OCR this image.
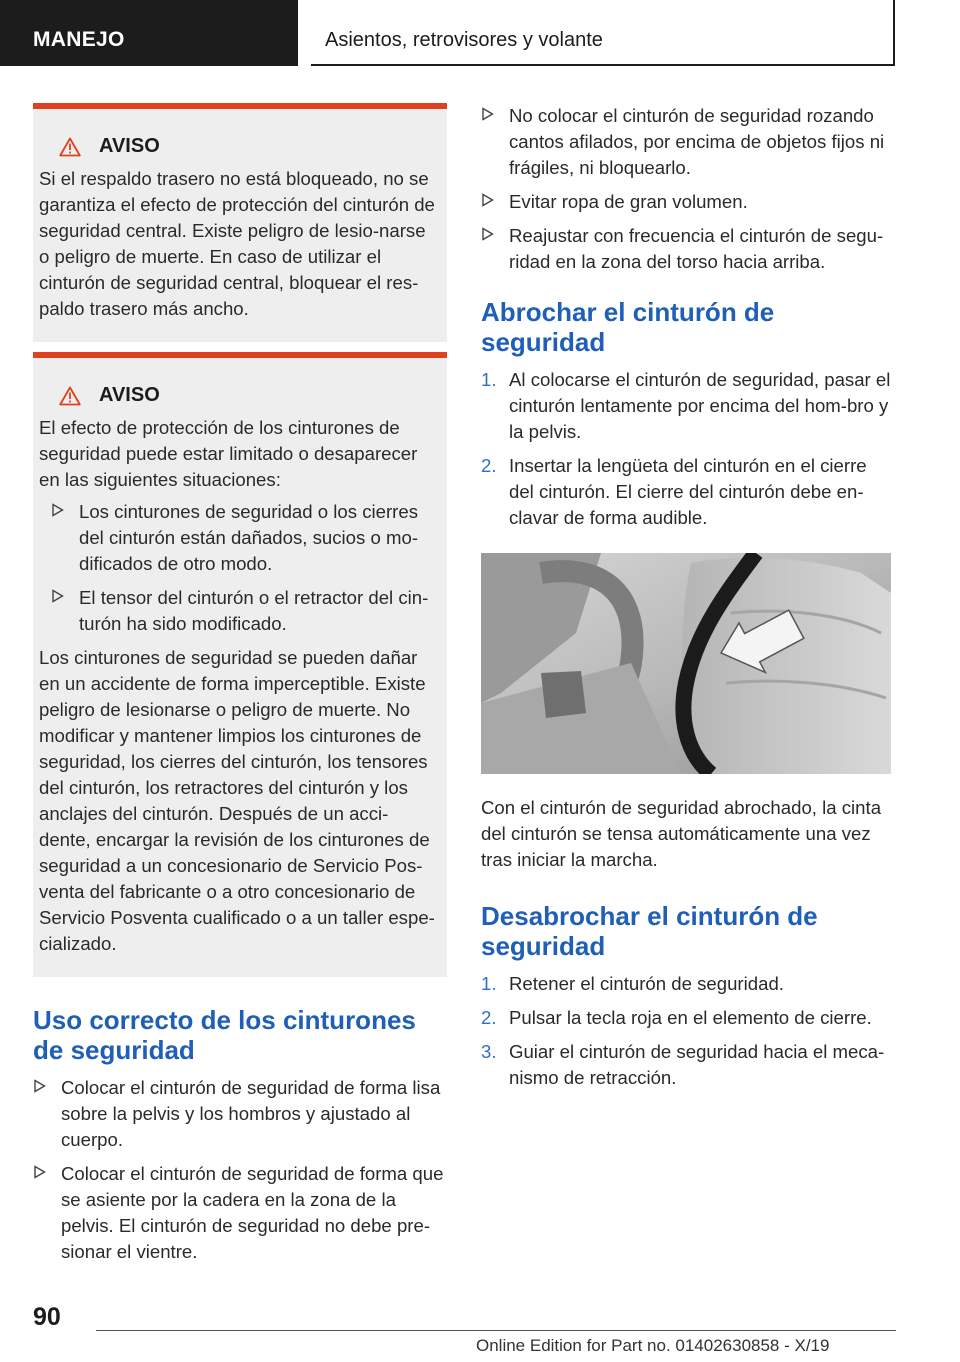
MANEJO	Asientos, retrovisores y volante
AVISO
Si el respaldo trasero no está bloqueado, no se garantiza el efecto de protección del cinturón de seguridad central. Existe peligro de lesio‐narse o peligro de muerte. En caso de utilizar el cinturón de seguridad central, bloquear el res‐paldo trasero más ancho.
AVISO
El efecto de protección de los cinturones de seguridad puede estar limitado o desaparecer en las siguientes situaciones:
Los cinturones de seguridad o los cierres del cinturón están dañados, sucios o mo‐dificados de otro modo.
El tensor del cinturón o el retractor del cin‐turón ha sido modificado.
Los cinturones de seguridad se pueden dañar en un accidente de forma imperceptible. Existe peligro de lesionarse o peligro de muerte. No modificar y mantener limpios los cinturones de seguridad, los cierres del cinturón, los tensores del cinturón, los retractores del cinturón y los anclajes del cinturón. Después de un acci‐dente, encargar la revisión de los cinturones de seguridad a un concesionario de Servicio Pos‐venta del fabricante o a otro concesionario de Servicio Posventa cualificado o a un taller espe‐cializado.
Uso correcto de los cinturones de seguridad
Colocar el cinturón de seguridad de forma lisa sobre la pelvis y los hombros y ajustado al cuerpo.
Colocar el cinturón de seguridad de forma que se asiente por la cadera en la zona de la pelvis. El cinturón de seguridad no debe pre‐sionar el vientre.
No colocar el cinturón de seguridad rozando cantos afilados, por encima de objetos fijos ni frágiles, ni bloquearlo.
Evitar ropa de gran volumen.
Reajustar con frecuencia el cinturón de segu‐ridad en la zona del torso hacia arriba.
Abrochar el cinturón de seguridad
1. Al colocarse el cinturón de seguridad, pasar el cinturón lentamente por encima del hom‐bro y la pelvis.
2. Insertar la lengüeta del cinturón en el cierre del cinturón. El cierre del cinturón debe en‐clavar de forma audible.
Con el cinturón de seguridad abrochado, la cinta del cinturón se tensa automáticamente una vez tras iniciar la marcha.
Desabrochar el cinturón de seguridad
1. Retener el cinturón de seguridad.
2. Pulsar la tecla roja en el elemento de cierre.
3. Guiar el cinturón de seguridad hacia el meca‐nismo de retracción.
90
Online Edition for Part no. 01402630858 - X/19
